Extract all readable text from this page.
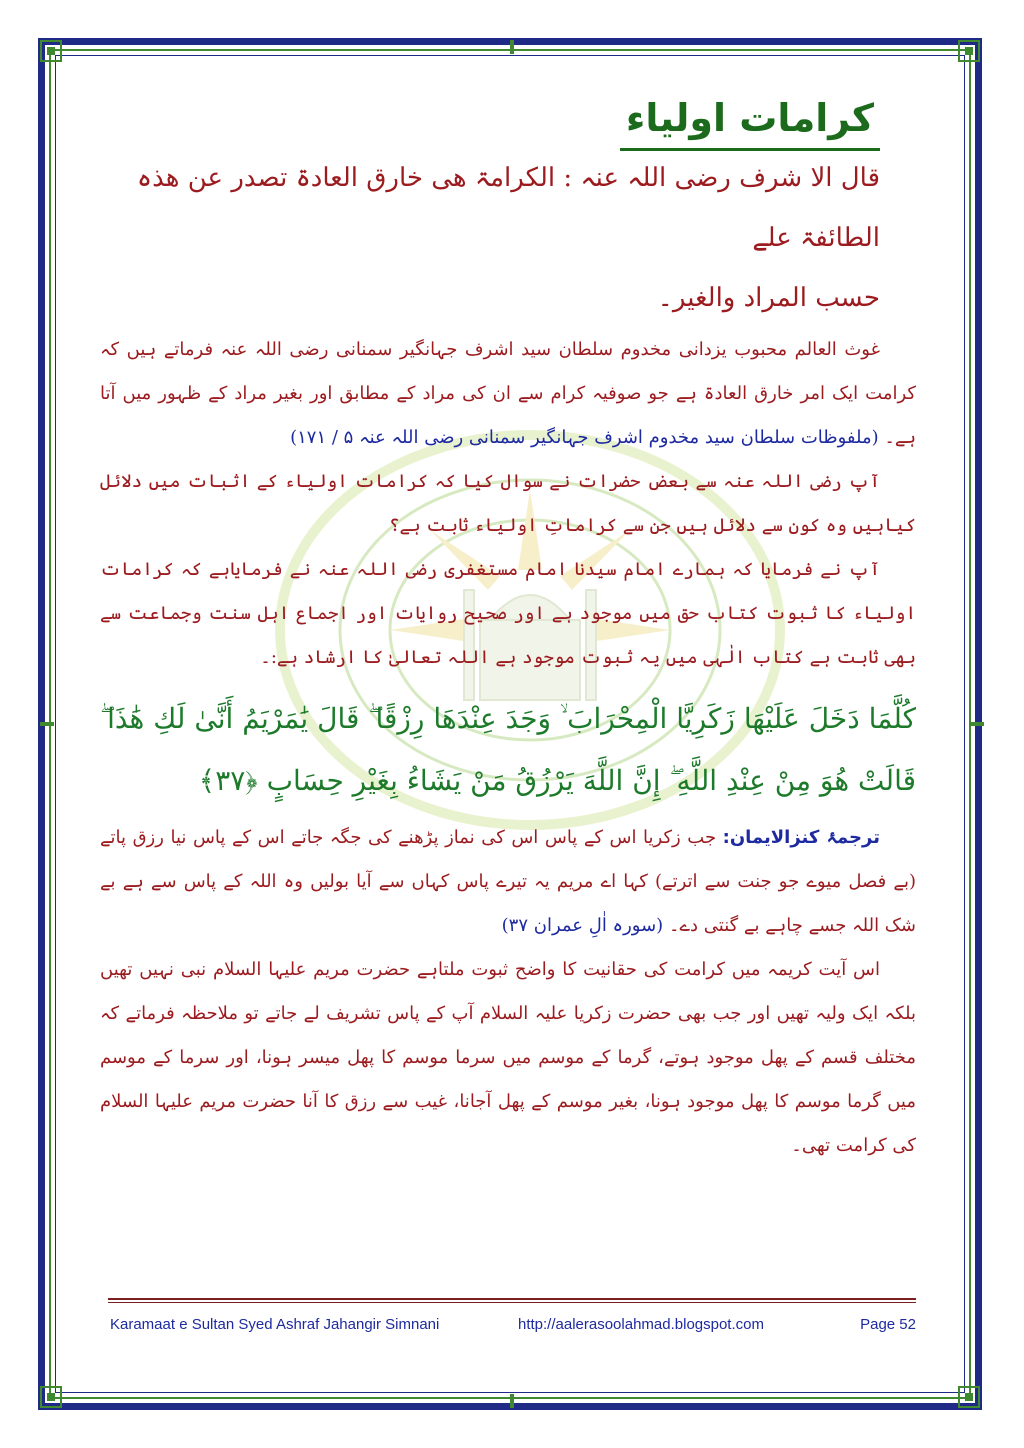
کرامات اولیاء
قال الا شرف رضی اللہ عنہ : الکرامۃ ھی خارق العادۃ تصدر عن ھذہ الطائفۃ علے
حسب المراد والغیر۔
غوث العالم محبوب یزدانی مخدوم سلطان سید اشرف جہانگیر سمنانی رضی اللہ عنہ فرماتے ہیں کہ کرامت ایک امر خارق العادۃ ہے جو صوفیہ کرام سے ان کی مراد کے مطابق اور بغیر مراد کے ظہور میں آتا ہے۔ (ملفوظات سلطان سید مخدوم اشرف جہانگیر سمنانی رضی اللہ عنہ ۵ / ۱۷۱)
آپ رضی اللہ عنہ سے بعض حضرات نے سوال کیا کہ کرامات اولیاء کے اثبات میں دلائل کیاہیں وہ کون سے دلائل ہیں جن سے کراماتِ اولیاء ثابت ہے؟
آپ نے فرمایا کہ ہمارے امام سیدنا امام مستغفری رضی اللہ عنہ نے فرمایاہے کہ کرامات اولیاء کا ثبوت کتاب حق میں موجود ہے اور صحیح روایات اور اجماع اہل سنت وجماعت سے بھی ثابت ہے کتاب الٰہی میں یہ ثبوت موجود ہے اللہ تعالیٰ کا ارشاد ہے:۔
كُلَّمَا دَخَلَ عَلَيْهَا زَكَرِيَّا الْمِحْرَابَ ۙ وَجَدَ عِنْدَهَا رِزْقًا ۖ قَالَ يَٰمَرْيَمُ أَنَّىٰ لَكِ هَٰذَا ۖ قَالَتْ هُوَ مِنْ عِنْدِ اللَّهِ ۖ إِنَّ اللَّهَ يَرْزُقُ مَنْ يَشَاءُ بِغَيْرِ حِسَابٍ ﴿٣٧﴾
ترجمۂ کنزالایمان: جب زکریا اس کے پاس اس کی نماز پڑھنے کی جگہ جاتے اس کے پاس نیا رزق پاتے (بے فصل میوے جو جنت سے اترتے) کہا اے مریم یہ تیرے پاس کہاں سے آیا بولیں وہ اللہ کے پاس سے ہے بے شک اللہ جسے چاہے بے گنتی دے۔ (سورہ اٰلِ عمران ۳۷)
اس آیت کریمہ میں کرامت کی حقانیت کا واضح ثبوت ملتاہے حضرت مریم علیہا السلام نبی نہیں تھیں بلکہ ایک ولیہ تھیں اور جب بھی حضرت زکریا علیہ السلام آپ کے پاس تشریف لے جاتے تو ملاحظہ فرماتے کہ مختلف قسم کے پھل موجود ہوتے، گرما کے موسم میں سرما موسم کا پھل میسر ہونا، اور سرما کے موسم میں گرما موسم کا پھل موجود ہونا، بغیر موسم کے پھل آجانا، غیب سے رزق کا آنا حضرت مریم علیہا السلام کی کرامت تھی۔
Karamaat e Sultan Syed Ashraf Jahangir Simnani	http://aalerasoolahmad.blogspot.com	Page 52
